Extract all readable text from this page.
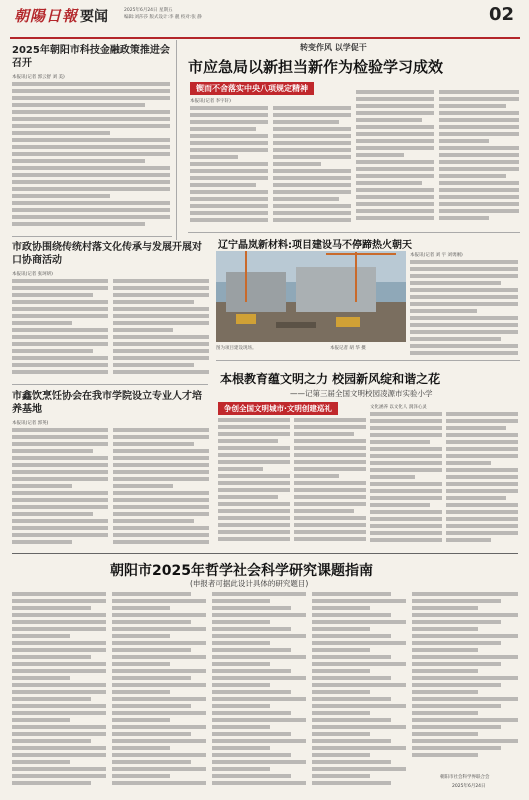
朝陽日報 要闻	2025年6月24日 星期五
编辑:刘莎莎 版式设计:李 靓 校对:张 静	02
2025年朝阳市科技金融政策推进会召开
本报讯(记者 郭云舒 刘 美)
市政协围绕传统村落文化传承与发展开展对口协商活动
本报讯(记者 张珂妍)
市鑫饮烹饪协会在我市学院设立专业人才培养基地
本报讯(记者 郭英)
转变作风 以学促干
市应急局以新担当新作为检验学习成效
锲而不舍落实中央八项规定精神
本报讯(记者 李宇轩)
图为项目建设现场。
辽宁晶岚新材料:项目建设马不停蹄热火朝天
本报讯(记者 刘 宇 刘勇刚)
本报记者 胡 华 摄
本根教育蕴文明之力 校园新风绽和谐之花
——记第三届全国文明校园凌源市实验小学
争创全国文明城市·文明创建巡礼	文化涵养 以文化人 润泽心灵
朝阳市2025年哲学社会科学研究课题指南
(申报者可据此设计具体的研究题目)
朝阳市社会科学界联合会
2025年6月24日
